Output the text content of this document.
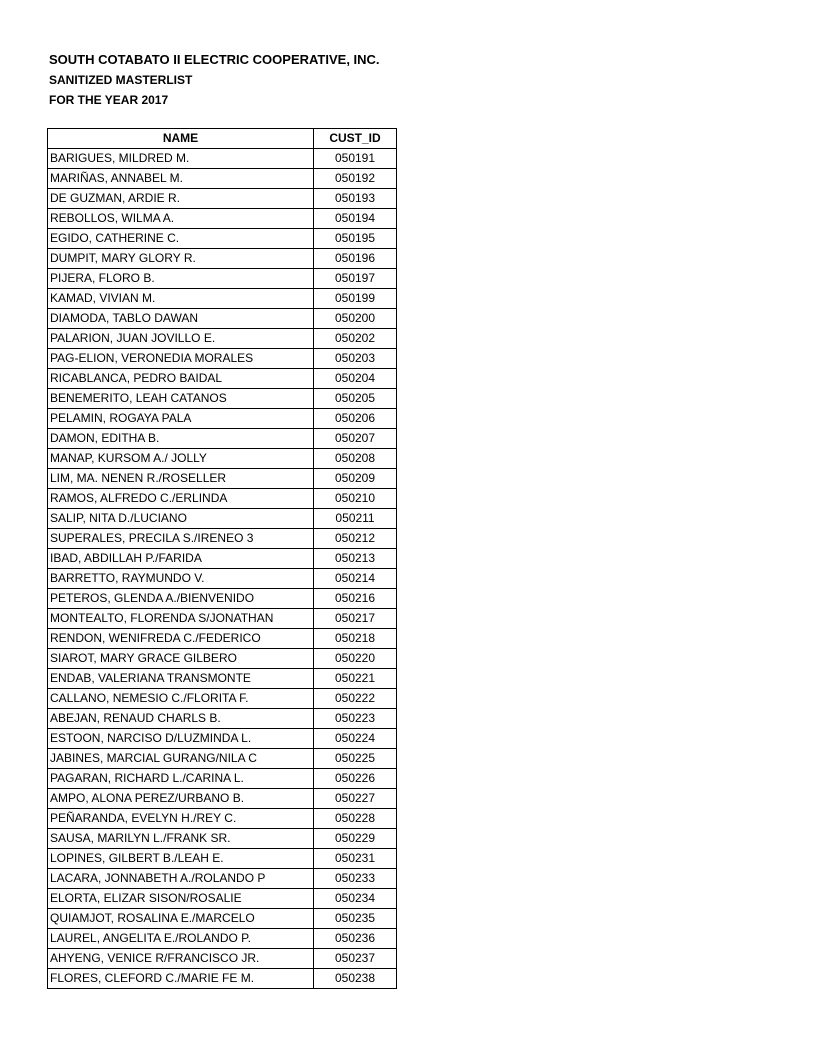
SOUTH COTABATO II ELECTRIC COOPERATIVE, INC.
SANITIZED MASTERLIST
FOR THE YEAR 2017
NAME	CUST_ID
BARIGUES, MILDRED M.	050191
MARIÑAS, ANNABEL M.	050192
DE GUZMAN, ARDIE R.	050193
REBOLLOS, WILMA A.	050194
EGIDO, CATHERINE C.	050195
DUMPIT, MARY GLORY R.	050196
PIJERA, FLORO B.	050197
KAMAD, VIVIAN M.	050199
DIAMODA, TABLO DAWAN	050200
PALARION, JUAN JOVILLO E.	050202
PAG-ELION, VERONEDIA MORALES	050203
RICABLANCA, PEDRO BAIDAL	050204
BENEMERITO, LEAH CATANOS	050205
PELAMIN, ROGAYA PALA	050206
DAMON, EDITHA B.	050207
MANAP, KURSOM A./ JOLLY	050208
LIM, MA. NENEN R./ROSELLER	050209
RAMOS, ALFREDO C./ERLINDA	050210
SALIP, NITA D./LUCIANO	050211
SUPERALES, PRECILA S./IRENEO 3	050212
IBAD, ABDILLAH P./FARIDA	050213
BARRETTO, RAYMUNDO V.	050214
PETEROS, GLENDA A./BIENVENIDO	050216
MONTEALTO, FLORENDA S/JONATHAN	050217
RENDON, WENIFREDA C./FEDERICO	050218
SIAROT, MARY GRACE GILBERO	050220
ENDAB, VALERIANA TRANSMONTE	050221
CALLANO, NEMESIO C./FLORITA F.	050222
ABEJAN, RENAUD CHARLS B.	050223
ESTOON, NARCISO D/LUZMINDA L.	050224
JABINES, MARCIAL GURANG/NILA C	050225
PAGARAN, RICHARD L./CARINA L.	050226
AMPO, ALONA PEREZ/URBANO B.	050227
PEÑARANDA, EVELYN H./REY C.	050228
SAUSA, MARILYN L./FRANK SR.	050229
LOPINES, GILBERT B./LEAH E.	050231
LACARA, JONNABETH A./ROLANDO P	050233
ELORTA, ELIZAR SISON/ROSALIE	050234
QUIAMJOT, ROSALINA E./MARCELO	050235
LAUREL, ANGELITA E./ROLANDO P.	050236
AHYENG, VENICE R/FRANCISCO JR.	050237
FLORES, CLEFORD C./MARIE FE M.	050238
